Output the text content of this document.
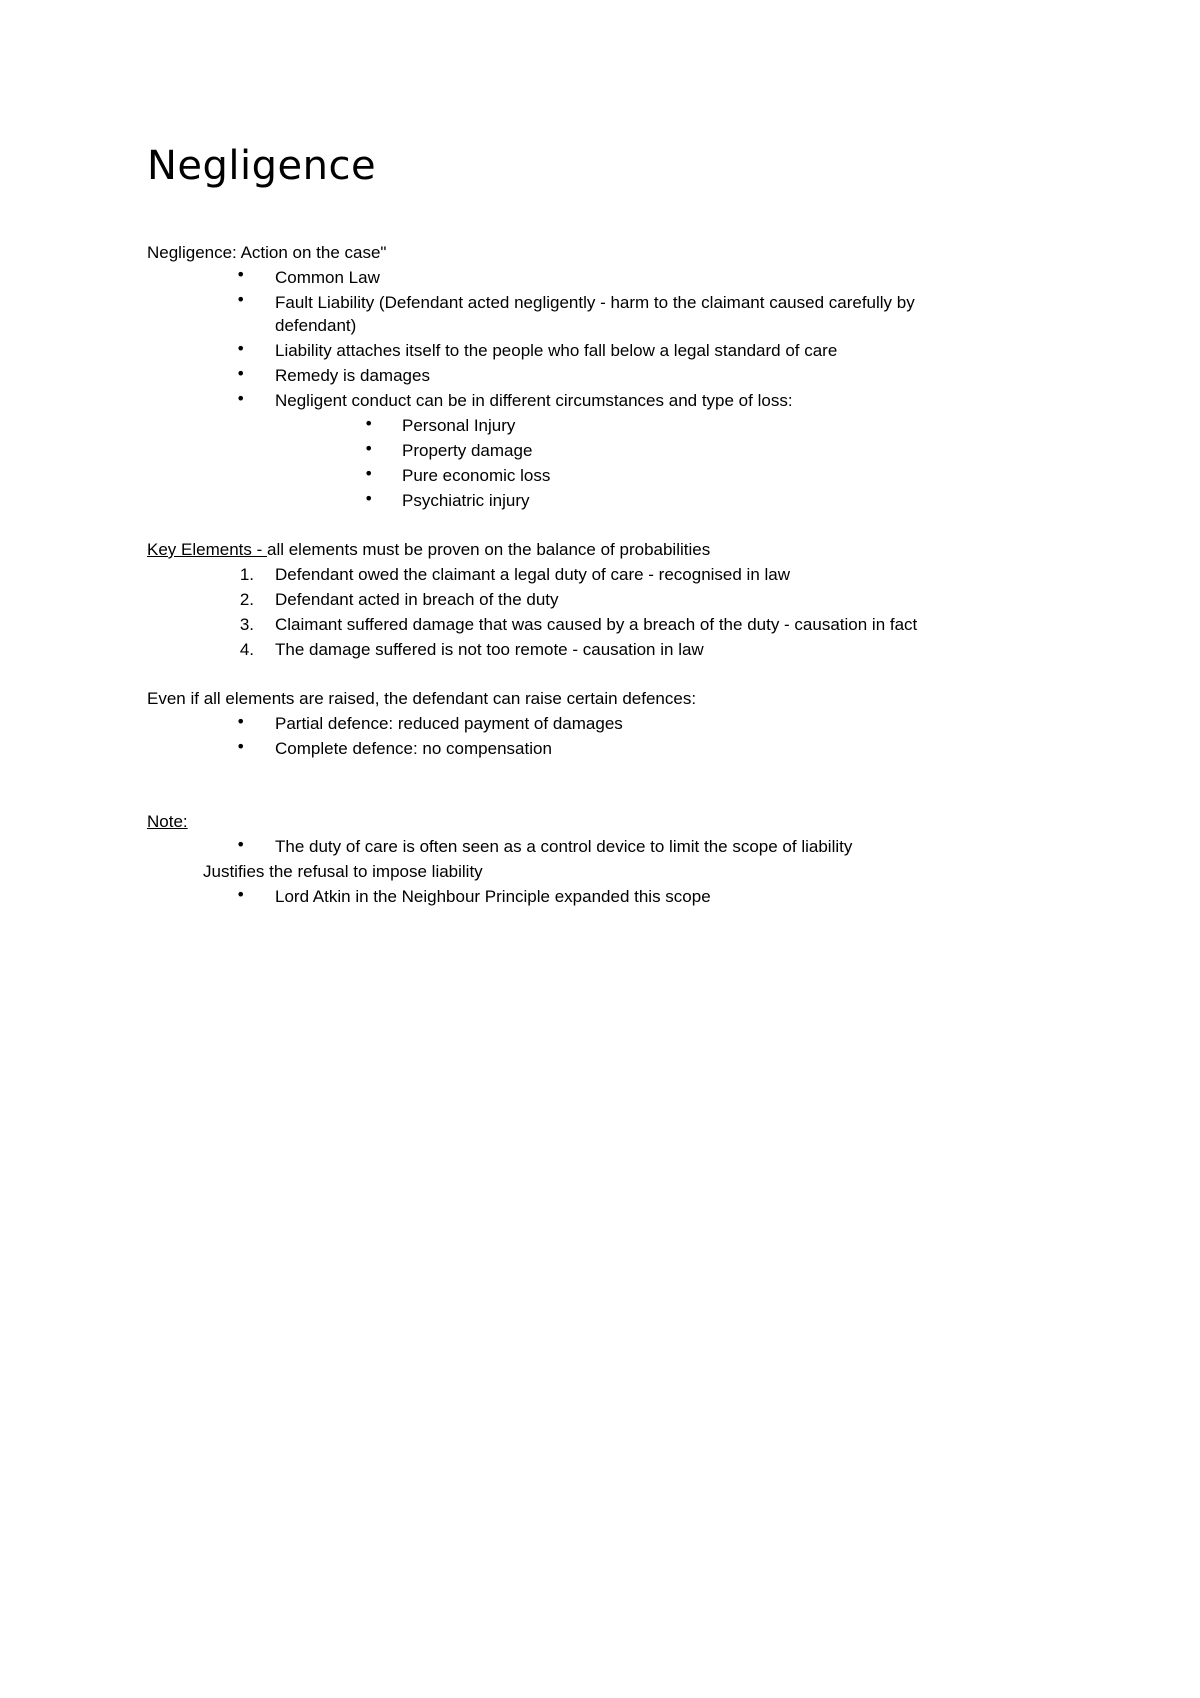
Negligence
Negligence: Action on the case"
• Common Law
• Fault Liability (Defendant acted negligently - harm to the claimant caused carefully by
defendant)
• Liability attaches itself to the people who fall below a legal standard of care
• Remedy is damages
• Negligent conduct can be in different circumstances and type of loss:
• Personal Injury
• Property damage
• Pure economic loss
• Psychiatric injury
Key Elements - all elements must be proven on the balance of probabilities
1. Defendant owed the claimant a legal duty of care - recognised in law
2. Defendant acted in breach of the duty
3. Claimant suffered damage that was caused by a breach of the duty - causation in fact
4. The damage suffered is not too remote - causation in law
Even if all elements are raised, the defendant can raise certain defences:
• Partial defence: reduced payment of damages
• Complete defence: no compensation
Note:
• The duty of care is often seen as a control device to limit the scope of liability
Justifies the refusal to impose liability
• Lord Atkin in the Neighbour Principle expanded this scope
